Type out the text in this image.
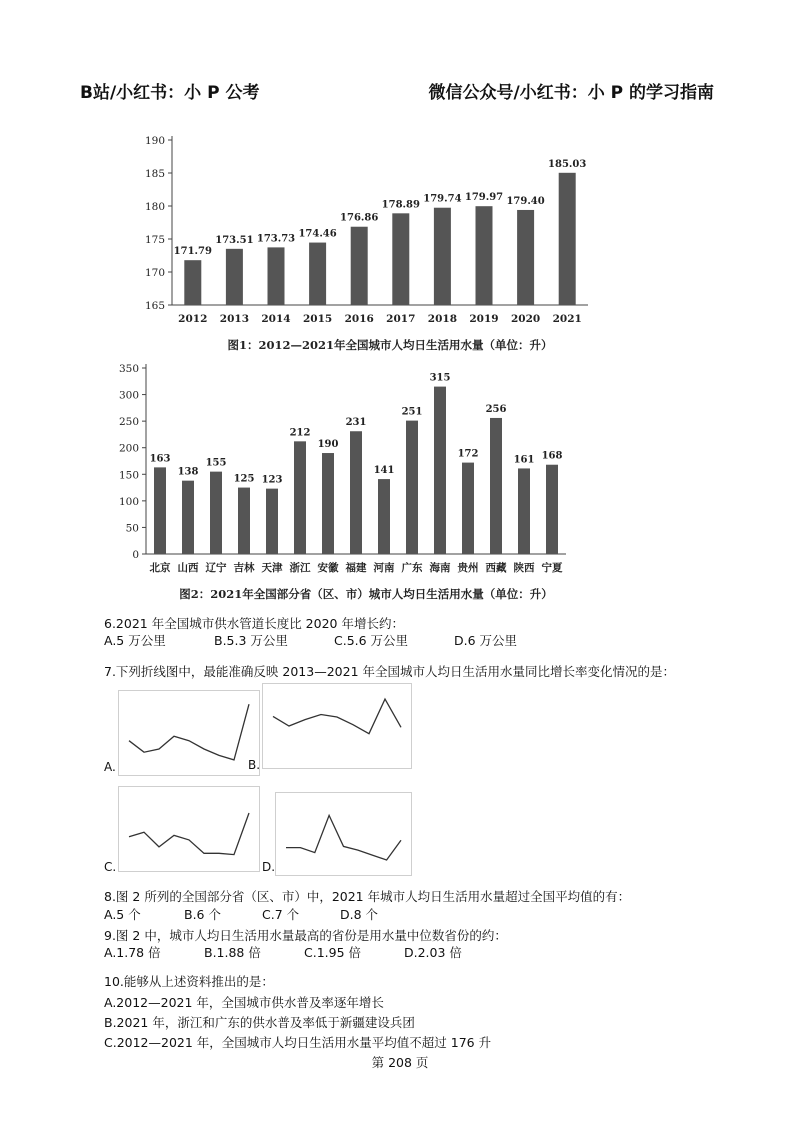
B站/小红书：小 P 公考	微信公众号/小红书：小 P 的学习指南
165
170
175
180
185
190
171.79
2012
173.51
2013
173.73
2014
174.46
2015
176.86
2016
178.89
2017
179.74
2018
179.97
2019
179.40
2020
185.03
2021
图1：2012—2021年全国城市人均日生活用水量（单位：升）
0
50
100
150
200
250
300
350
163
北京
138
山西
155
辽宁
125
吉林
123
天津
212
浙江
190
安徽
231
福建
141
河南
251
广东
315
海南
172
贵州
256
西藏
161
陕西
168
宁夏
图2：2021年全国部分省（区、市）城市人均日生活用水量（单位：升）
6.2021 年全国城市供水管道长度比 2020 年增长约：
A.5 万公里	B.5.3 万公里	C.5.6 万公里	D.6 万公里
7.下列折线图中，最能准确反映 2013—2021 年全国城市人均日生活用水量同比增长率变化情况的是：
A.	B.
C.	D.
8.图 2 所列的全国部分省（区、市）中，2021 年城市人均日生活用水量超过全国平均值的有：
A.5 个	B.6 个	C.7 个	D.8 个
9.图 2 中，城市人均日生活用水量最高的省份是用水量中位数省份的约：
A.1.78 倍	B.1.88 倍	C.1.95 倍	D.2.03 倍
10.能够从上述资料推出的是：
A.2012—2021 年，全国城市供水普及率逐年增长
B.2021 年，浙江和广东的供水普及率低于新疆建设兵团
C.2012—2021 年，全国城市人均日生活用水量平均值不超过 176 升
第 208 页
